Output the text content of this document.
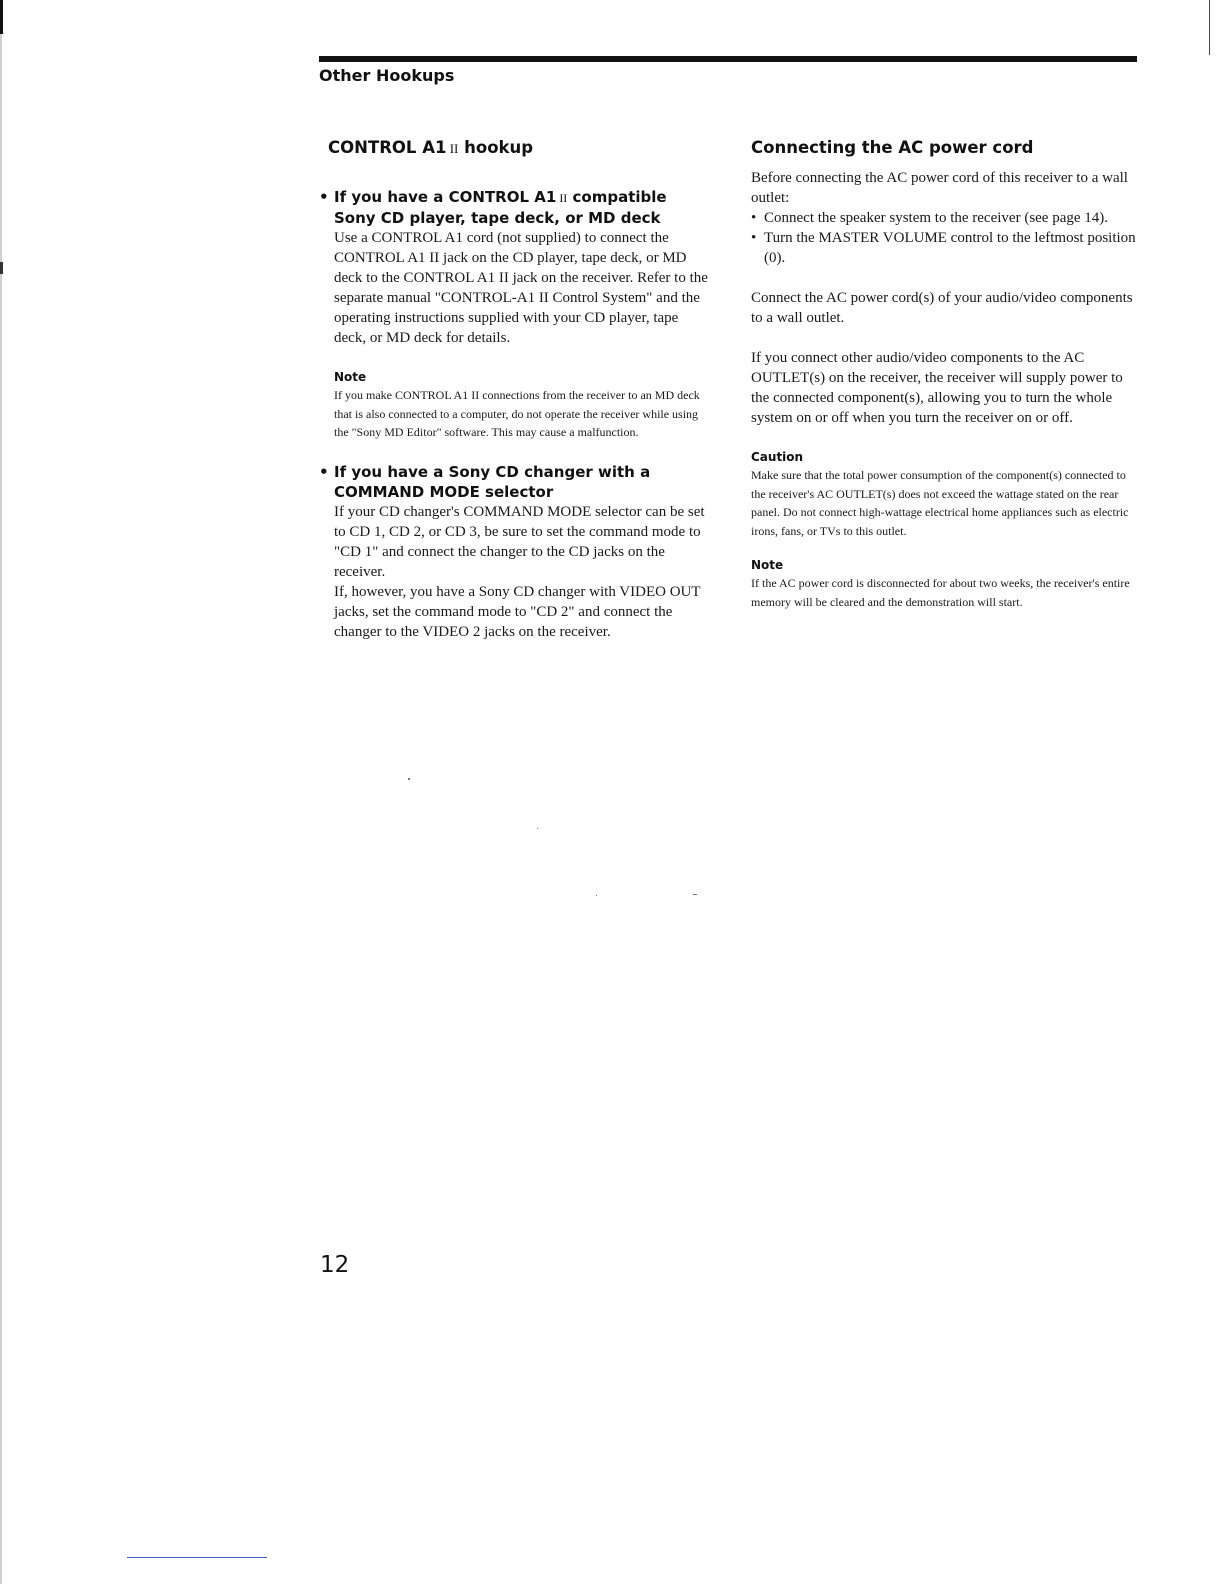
Other Hookups
CONTROL A1 II hookup
• If you have a CONTROL A1 II compatible Sony CD player, tape deck, or MD deck

Use a CONTROL A1 cord (not supplied) to connect the CONTROL A1 II jack on the CD player, tape deck, or MD deck to the CONTROL A1 II jack on the receiver. Refer to the separate manual "CONTROL-A1 II Control System" and the operating instructions supplied with your CD player, tape deck, or MD deck for details.

Note

If you make CONTROL A1 II connections from the receiver to an MD deck that is also connected to a computer, do not operate the receiver while using the "Sony MD Editor" software. This may cause a malfunction.

• If you have a Sony CD changer with a COMMAND MODE selector

If your CD changer's COMMAND MODE selector can be set to CD 1, CD 2, or CD 3, be sure to set the command mode to "CD 1" and connect the changer to the CD jacks on the receiver.

If, however, you have a Sony CD changer with VIDEO OUT jacks, set the command mode to "CD 2" and connect the changer to the VIDEO 2 jacks on the receiver.

Connecting the AC power cord

Before connecting the AC power cord of this receiver to a wall outlet:

• Connect the speaker system to the receiver (see page 14).
• Turn the MASTER VOLUME control to the leftmost position (0).

Connect the AC power cord(s) of your audio/video components to a wall outlet.

If you connect other audio/video components to the AC OUTLET(s) on the receiver, the receiver will supply power to the connected component(s), allowing you to turn the whole system on or off when you turn the receiver on or off.

Caution

Make sure that the total power consumption of the component(s) connected to the receiver's AC OUTLET(s) does not exceed the wattage stated on the rear panel. Do not connect high-wattage electrical home appliances such as electric irons, fans, or TVs to this outlet.

Note

If the AC power cord is disconnected for about two weeks, the receiver's entire memory will be cleared and the demonstration will start.

12
